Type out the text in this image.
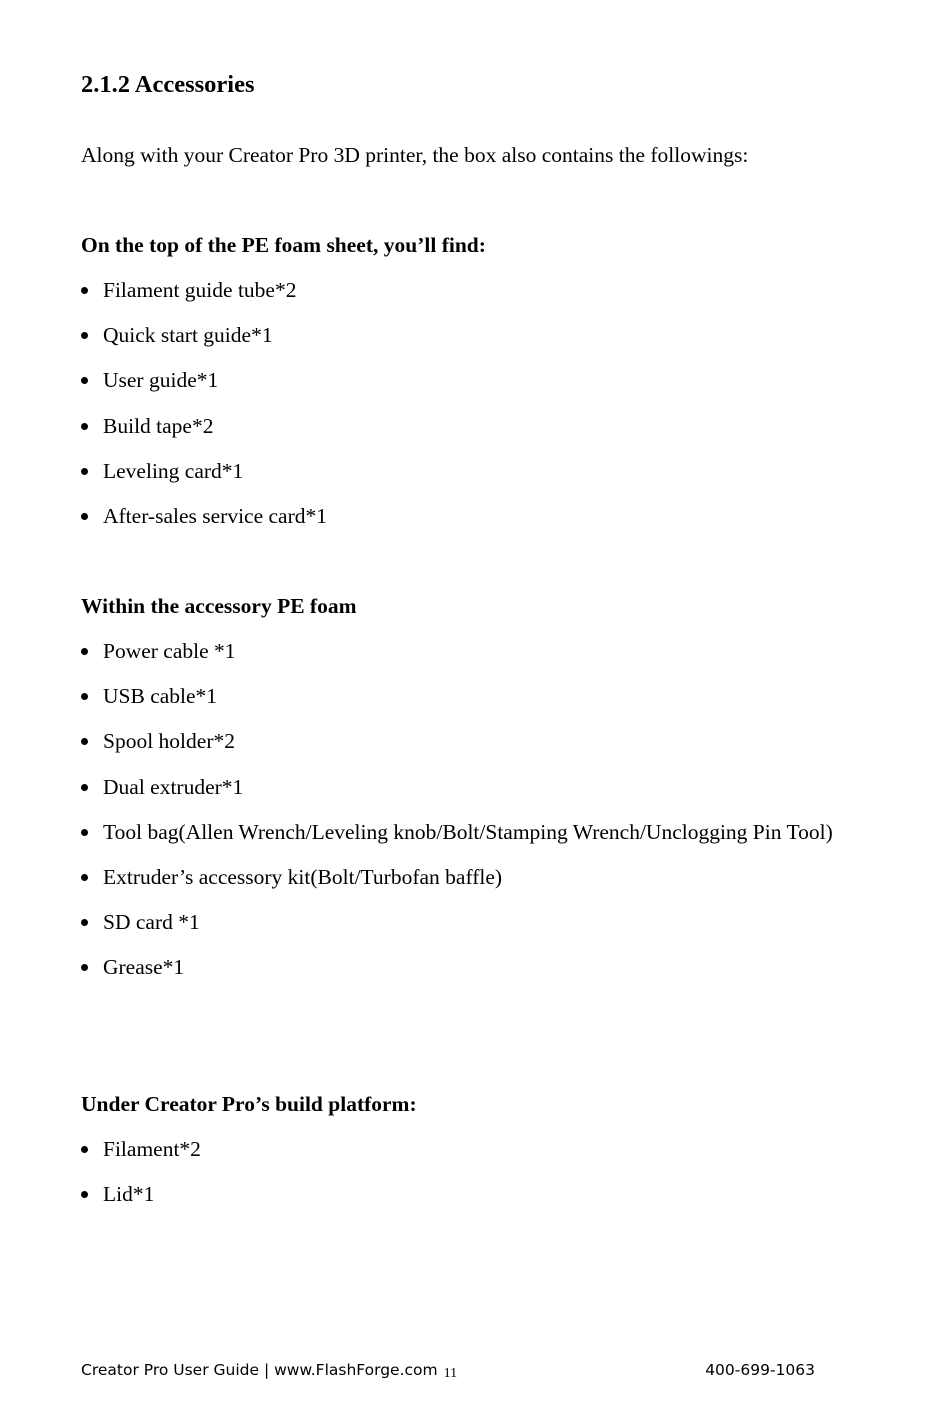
2.1.2 Accessories
Along with your Creator Pro 3D printer, the box also contains the followings:
On the top of the PE foam sheet, you’ll find:
Filament guide tube*2
Quick start guide*1
User guide*1
Build tape*2
Leveling card*1
After-sales service card*1
Within the accessory PE foam
Power cable *1
USB cable*1
Spool holder*2
Dual extruder*1
Tool bag(Allen Wrench/Leveling knob/Bolt/Stamping Wrench/Unclogging Pin Tool)
Extruder’s accessory kit(Bolt/Turbofan baffle)
SD card *1
Grease*1
Under Creator Pro’s build platform:
Filament*2
Lid*1
Creator Pro User Guide | www.FlashForge.com 11	400-699-1063
